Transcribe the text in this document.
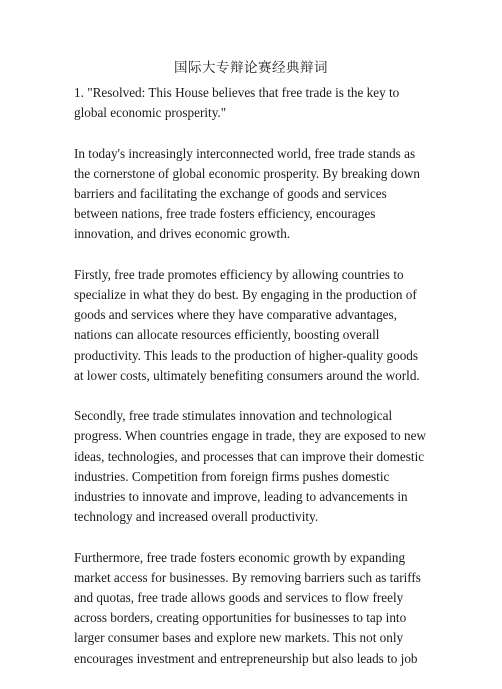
国际大专辩论赛经典辩词

1. "Resolved: This House believes that free trade is the key to global economic prosperity."

In today's increasingly interconnected world, free trade stands as the cornerstone of global economic prosperity. By breaking down barriers and facilitating the exchange of goods and services between nations, free trade fosters efficiency, encourages innovation, and drives economic growth.

Firstly, free trade promotes efficiency by allowing countries to specialize in what they do best. By engaging in the production of goods and services where they have comparative advantages, nations can allocate resources efficiently, boosting overall productivity. This leads to the production of higher-quality goods at lower costs, ultimately benefiting consumers around the world.

Secondly, free trade stimulates innovation and technological progress. When countries engage in trade, they are exposed to new ideas, technologies, and processes that can improve their domestic industries. Competition from foreign firms pushes domestic industries to innovate and improve, leading to advancements in technology and increased overall productivity.

Furthermore, free trade fosters economic growth by expanding market access for businesses. By removing barriers such as tariffs and quotas, free trade allows goods and services to flow freely across borders, creating opportunities for businesses to tap into larger consumer bases and explore new markets. This not only encourages investment and entrepreneurship but also leads to job
